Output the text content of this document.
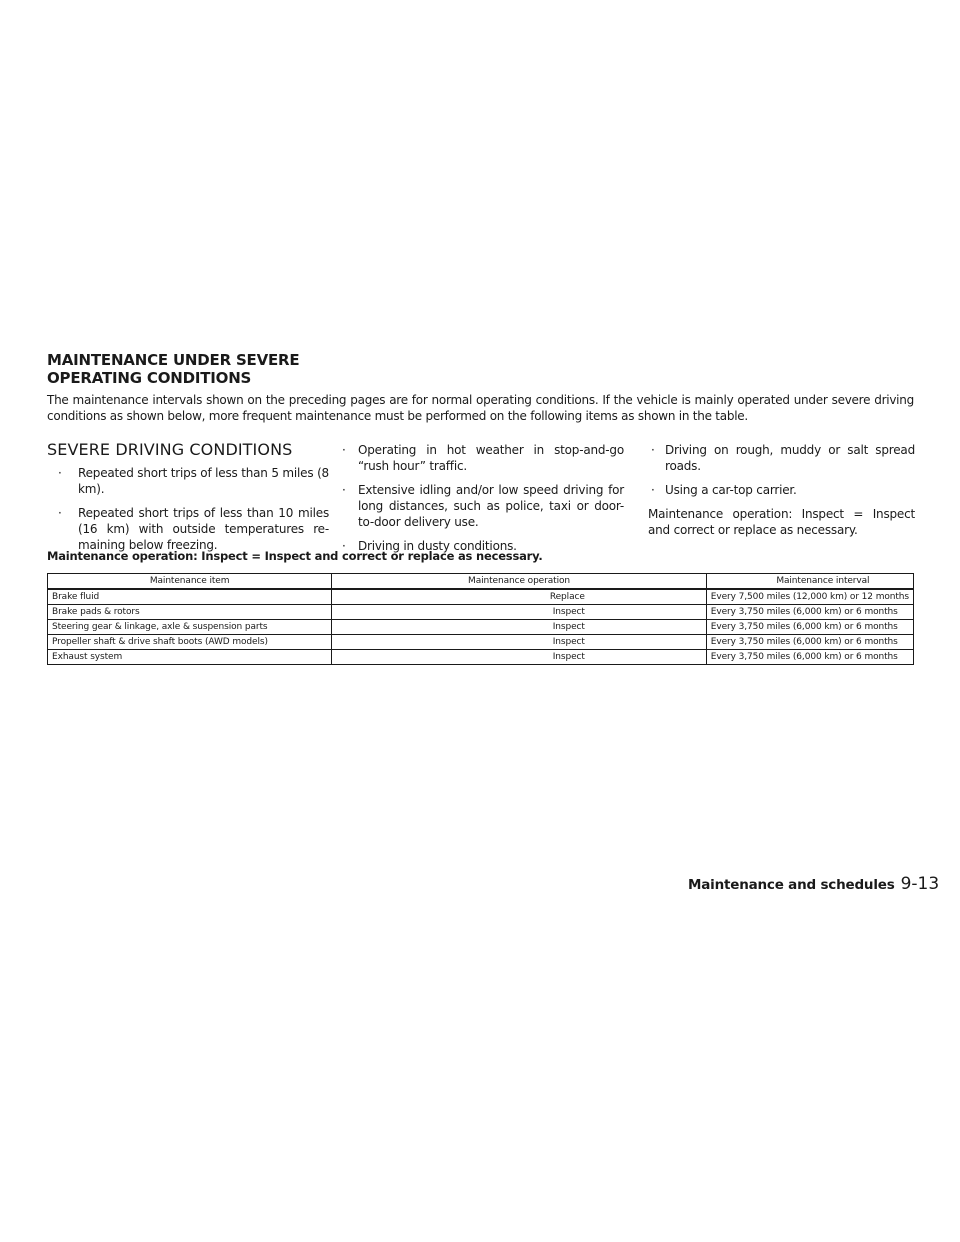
MAINTENANCE UNDER SEVERE
OPERATING CONDITIONS

The maintenance intervals shown on the preceding pages are for normal operating conditions. If the vehicle is mainly operated under severe driving conditions as shown below, more frequent maintenance must be performed on the following items as shown in the table.

SEVERE DRIVING CONDITIONS
· Repeated short trips of less than 5 miles (8 km).
· Repeated short trips of less than 10 miles (16 km) with outside temperatures re-maining below freezing.
· Operating in hot weather in stop-and-go “rush hour” traffic.
· Extensive idling and/or low speed driving for long distances, such as police, taxi or door-to-door delivery use.
· Driving in dusty conditions.
· Driving on rough, muddy or salt spread roads.
· Using a car-top carrier.

Maintenance operation: Inspect = Inspect and correct or replace as necessary.

Maintenance operation: Inspect = Inspect and correct or replace as necessary.

Maintenance item	Maintenance operation	Maintenance interval
Brake fluid	Replace	Every 7,500 miles (12,000 km) or 12 months
Brake pads & rotors	Inspect	Every 3,750 miles (6,000 km) or 6 months
Steering gear & linkage, axle & suspension parts	Inspect	Every 3,750 miles (6,000 km) or 6 months
Propeller shaft & drive shaft boots (AWD models)	Inspect	Every 3,750 miles (6,000 km) or 6 months
Exhaust system	Inspect	Every 3,750 miles (6,000 km) or 6 months

Maintenance and schedules 9-13
